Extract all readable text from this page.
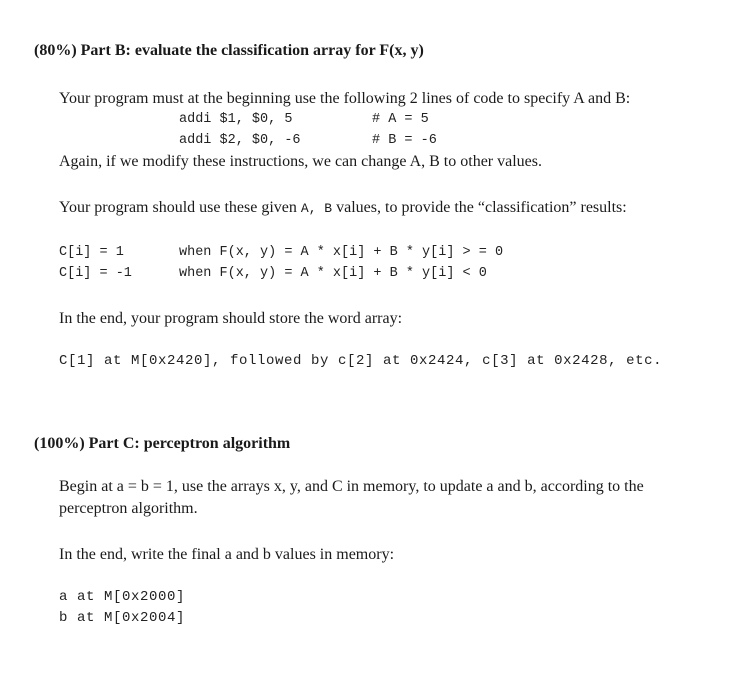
(80%) Part B: evaluate the classification array for F(x, y)
Your program must at the beginning use the following 2 lines of code to specify A and B:
addi $1, $0, 5	# A = 5
addi $2, $0, -6	# B = -6
Again, if we modify these instructions, we can change A, B to other values.
Your program should use these given A, B values, to provide the “classification” results:
C[i] = 1	when F(x, y) = A * x[i] + B * y[i] > = 0
C[i] = -1	when F(x, y) = A * x[i] + B * y[i] < 0
In the end, your program should store the word array:
C[1] at M[0x2420], followed by c[2] at 0x2424, c[3] at 0x2428, etc.
(100%) Part C: perceptron algorithm
Begin at a = b = 1, use the arrays x, y, and C in memory, to update a and b, according to the
perceptron algorithm.
In the end, write the final a and b values in memory:
a at M[0x2000]
b at M[0x2004]
